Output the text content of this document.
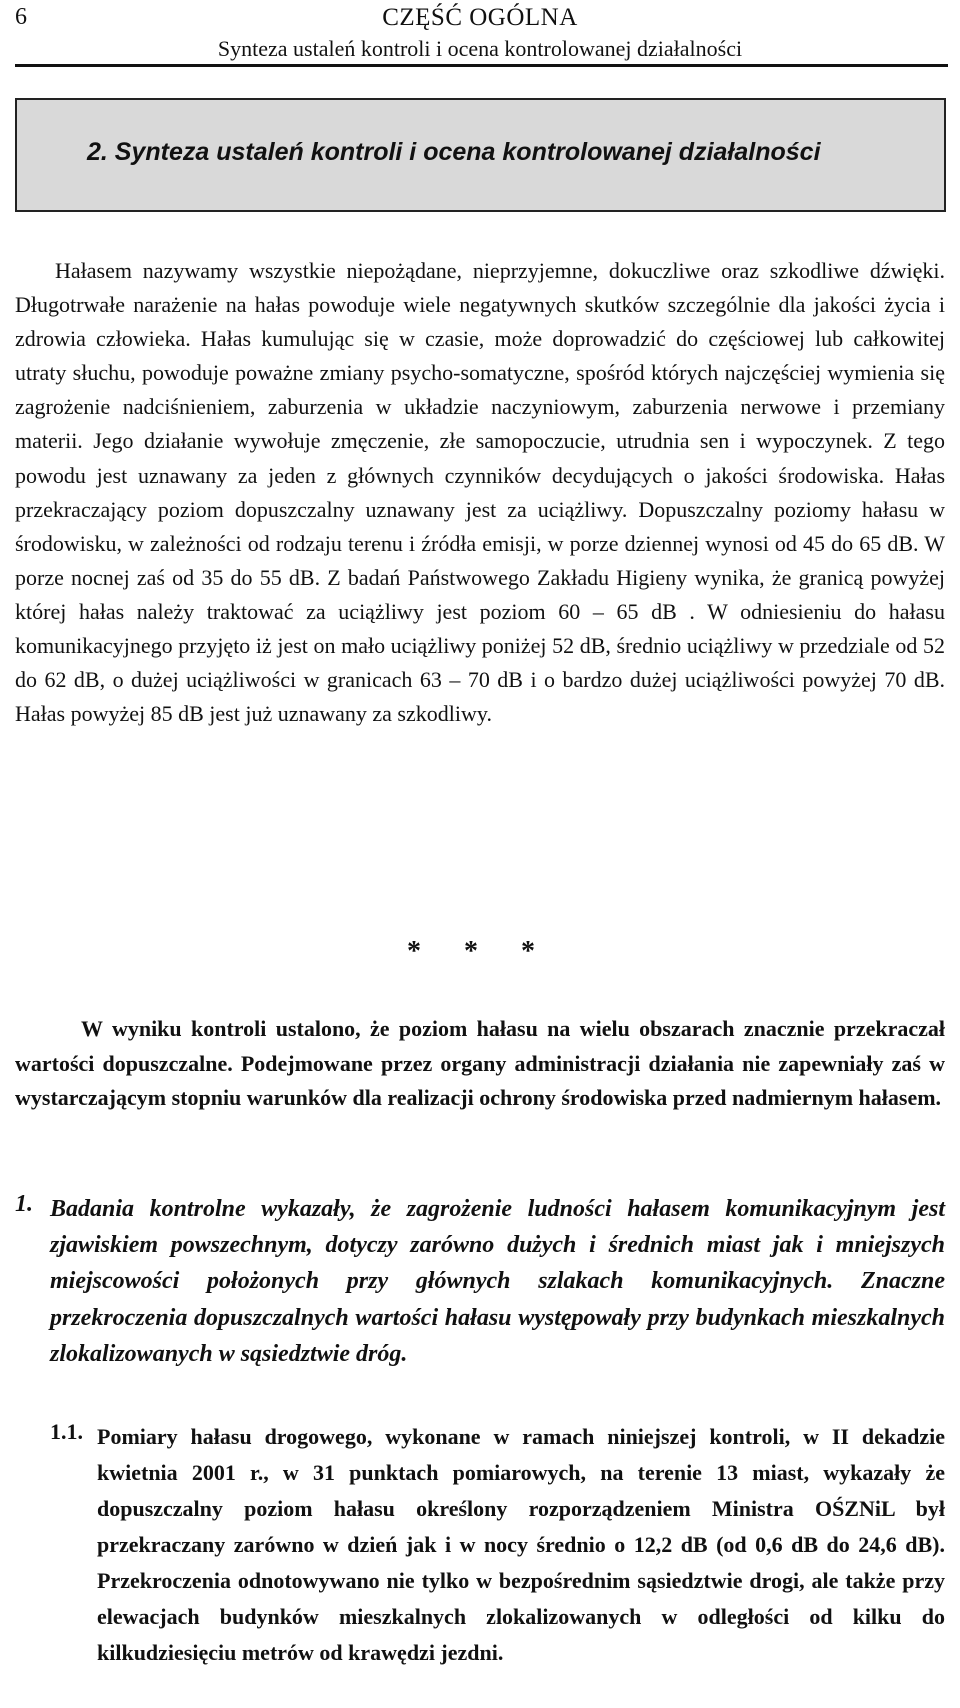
6	CZĘŚĆ OGÓLNA
Synteza ustaleń kontroli i ocena kontrolowanej działalności
2. Synteza ustaleń kontroli i ocena kontrolowanej działalności

Hałasem nazywamy wszystkie niepożądane, nieprzyjemne, dokuczliwe oraz szkodliwe dźwięki. Długotrwałe narażenie na hałas powoduje wiele negatywnych skutków szczególnie dla jakości życia i zdrowia człowieka. Hałas kumulując się w czasie, może doprowadzić do częściowej lub całkowitej utraty słuchu, powoduje poważne zmiany psycho-somatyczne, spośród których najczęściej wymienia się zagrożenie nadciśnieniem, zaburzenia w układzie naczyniowym, zaburzenia nerwowe i przemiany materii. Jego działanie wywołuje zmęczenie, złe samopoczucie, utrudnia sen i wypoczynek. Z tego powodu jest uznawany za jeden z głównych czynników decydujących o jakości środowiska. Hałas przekraczający poziom dopuszczalny uznawany jest za uciążliwy. Dopuszczalny poziomy hałasu w środowisku, w zależności od rodzaju terenu i źródła emisji, w porze dziennej wynosi od 45 do 65 dB. W porze nocnej zaś od 35 do 55 dB. Z badań Państwowego Zakładu Higieny wynika, że granicą powyżej której hałas należy traktować za uciążliwy jest poziom 60 – 65 dB . W odniesieniu do hałasu komunikacyjnego przyjęto iż jest on mało uciążliwy poniżej 52 dB, średnio uciążliwy w przedziale od 52 do 62 dB, o dużej uciążliwości w granicach 63 – 70 dB i o bardzo dużej uciążliwości powyżej 70 dB. Hałas powyżej 85 dB jest już uznawany za szkodliwy.

* * *

W wyniku kontroli ustalono, że poziom hałasu na wielu obszarach znacznie przekraczał wartości dopuszczalne. Podejmowane przez organy administracji działania nie zapewniały zaś w wystarczającym stopniu warunków dla realizacji ochrony środowiska przed nadmiernym hałasem.

1. Badania kontrolne wykazały, że zagrożenie ludności hałasem komunikacyjnym jest zjawiskiem powszechnym, dotyczy zarówno dużych i średnich miast jak i mniejszych miejscowości położonych przy głównych szlakach komunikacyjnych. Znaczne przekroczenia dopuszczalnych wartości hałasu występowały przy budynkach mieszkalnych zlokalizowanych w sąsiedztwie dróg.

1.1. Pomiary hałasu drogowego, wykonane w ramach niniejszej kontroli, w II dekadzie kwietnia 2001 r., w 31 punktach pomiarowych, na terenie 13 miast, wykazały że dopuszczalny poziom hałasu określony rozporządzeniem Ministra OŚZNiL był przekraczany zarówno w dzień jak i w nocy średnio o 12,2 dB (od 0,6 dB do 24,6 dB). Przekroczenia odnotowywano nie tylko w bezpośrednim sąsiedztwie drogi, ale także przy elewacjach budynków mieszkalnych zlokalizowanych w odległości od kilku do kilkudziesięciu metrów od krawędzi jezdni.
